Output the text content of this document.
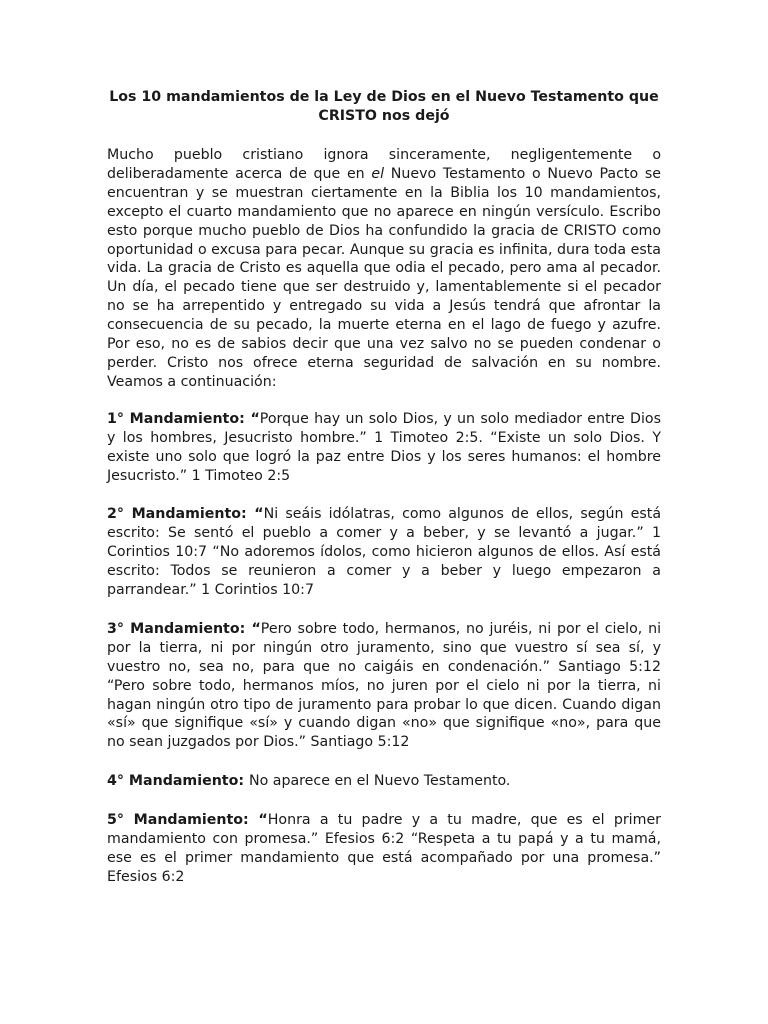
Los 10 mandamientos de la Ley de Dios en el Nuevo Testamento que CRISTO nos dejó

Mucho pueblo cristiano ignora sinceramente, negligentemente o deliberadamente acerca de que en el Nuevo Testamento o Nuevo Pacto se encuentran y se muestran ciertamente en la Biblia los 10 mandamientos, excepto el cuarto mandamiento que no aparece en ningún versículo. Escribo esto porque mucho pueblo de Dios ha confundido la gracia de CRISTO como oportunidad o excusa para pecar. Aunque su gracia es infinita, dura toda esta vida. La gracia de Cristo es aquella que odia el pecado, pero ama al pecador. Un día, el pecado tiene que ser destruido y, lamentablemente si el pecador no se ha arrepentido y entregado su vida a Jesús tendrá que afrontar la consecuencia de su pecado, la muerte eterna en el lago de fuego y azufre. Por eso, no es de sabios decir que una vez salvo no se pueden condenar o perder. Cristo nos ofrece eterna seguridad de salvación en su nombre. Veamos a continuación:

1° Mandamiento: “Porque hay un solo Dios, y un solo mediador entre Dios y los hombres, Jesucristo hombre.” 1 Timoteo 2:5. “Existe un solo Dios. Y existe uno solo que logró la paz entre Dios y los seres humanos: el hombre Jesucristo.” 1 Timoteo 2:5

2° Mandamiento: “Ni seáis idólatras, como algunos de ellos, según está escrito: Se sentó el pueblo a comer y a beber, y se levantó a jugar.” 1 Corintios 10:7 “No adoremos ídolos, como hicieron algunos de ellos. Así está escrito: Todos se reunieron a comer y a beber y luego empezaron a parrandear.” 1 Corintios 10:7

3° Mandamiento: “Pero sobre todo, hermanos, no juréis, ni por el cielo, ni por la tierra, ni por ningún otro juramento, sino que vuestro sí sea sí, y vuestro no, sea no, para que no caigáis en condenación.” Santiago 5:12 “Pero sobre todo, hermanos míos, no juren por el cielo ni por la tierra, ni hagan ningún otro tipo de juramento para probar lo que dicen. Cuando digan «sí» que signifique «sí» y cuando digan «no» que signifique «no», para que no sean juzgados por Dios.” Santiago 5:12

4° Mandamiento: No aparece en el Nuevo Testamento.

5° Mandamiento: “Honra a tu padre y a tu madre, que es el primer mandamiento con promesa.” Efesios 6:2 “Respeta a tu papá y a tu mamá, ese es el primer mandamiento que está acompañado por una promesa.” Efesios 6:2
